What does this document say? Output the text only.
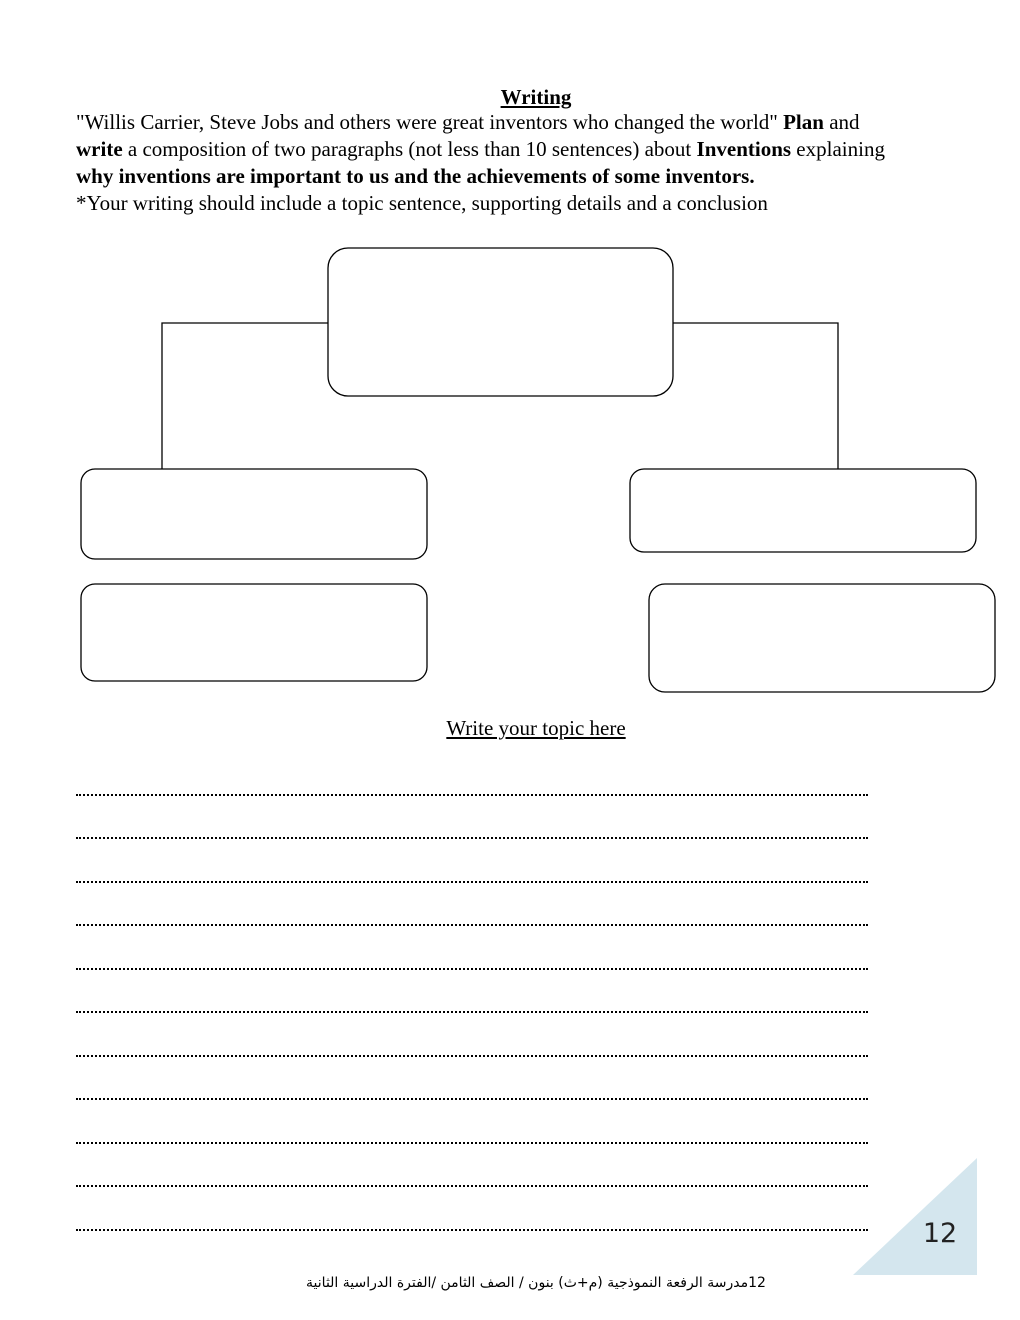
Writing
"Willis Carrier, Steve Jobs and others were great inventors who changed the world" Plan and
write a composition of two paragraphs (not less than 10 sentences) about Inventions explaining
why inventions are important to us and the achievements of some inventors.
*Your writing should include a topic sentence, supporting details and a conclusion
Write your topic here
12
12مدرسة الرفعة النموذجية (م+ث) بنون / الصف الثامن /الفترة الدراسية الثانية
